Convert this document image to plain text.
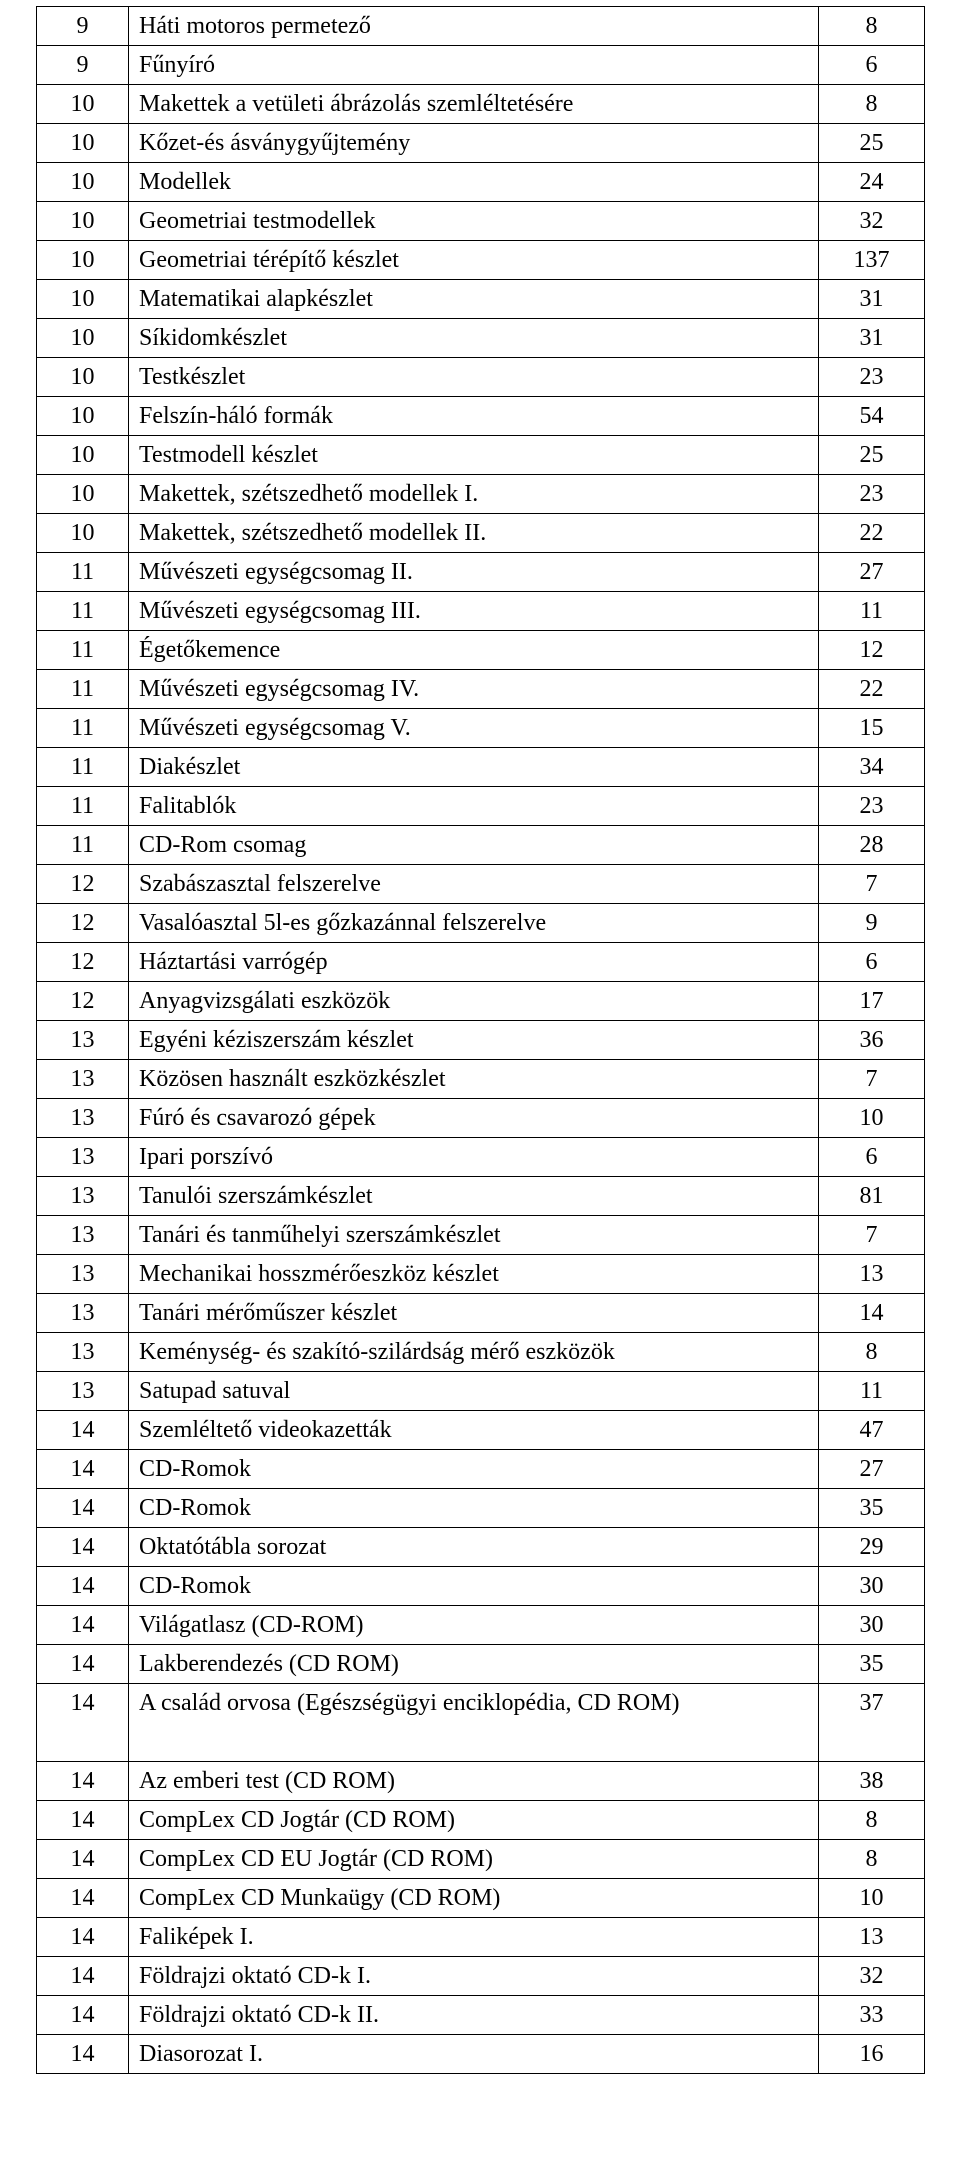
9	Háti motoros permetező	8
9	Fűnyíró	6
10	Makettek a vetületi ábrázolás szemléltetésére	8
10	Kőzet-és ásványgyűjtemény	25
10	Modellek	24
10	Geometriai testmodellek	32
10	Geometriai térépítő készlet	137
10	Matematikai alapkészlet	31
10	Síkidomkészlet	31
10	Testkészlet	23
10	Felszín-háló formák	54
10	Testmodell készlet	25
10	Makettek, szétszedhető modellek I.	23
10	Makettek, szétszedhető modellek II.	22
11	Művészeti egységcsomag II.	27
11	Művészeti egységcsomag III.	11
11	Égetőkemence	12
11	Művészeti egységcsomag IV.	22
11	Művészeti egységcsomag V.	15
11	Diakészlet	34
11	Falitablók	23
11	CD-Rom csomag	28
12	Szabászasztal felszerelve	7
12	Vasalóasztal 5l-es gőzkazánnal felszerelve	9
12	Háztartási varrógép	6
12	Anyagvizsgálati eszközök	17
13	Egyéni kéziszerszám készlet	36
13	Közösen használt eszközkészlet	7
13	Fúró és csavarozó gépek	10
13	Ipari porszívó	6
13	Tanulói szerszámkészlet	81
13	Tanári és tanműhelyi szerszámkészlet	7
13	Mechanikai hosszmérőeszköz készlet	13
13	Tanári mérőműszer készlet	14
13	Keménység- és szakító-szilárdság mérő eszközök	8
13	Satupad satuval	11
14	Szemléltető videokazetták	47
14	CD-Romok	27
14	CD-Romok	35
14	Oktatótábla sorozat	29
14	CD-Romok	30
14	Világatlasz (CD-ROM)	30
14	Lakberendezés (CD ROM)	35
14	A család orvosa (Egészségügyi enciklopédia, CD ROM)	37
14	Az emberi test (CD ROM)	38
14	CompLex CD Jogtár (CD ROM)	8
14	CompLex CD EU Jogtár (CD ROM)	8
14	CompLex CD Munkaügy (CD ROM)	10
14	Faliképek I.	13
14	Földrajzi oktató CD-k I.	32
14	Földrajzi oktató CD-k II.	33
14	Diasorozat I.	16
